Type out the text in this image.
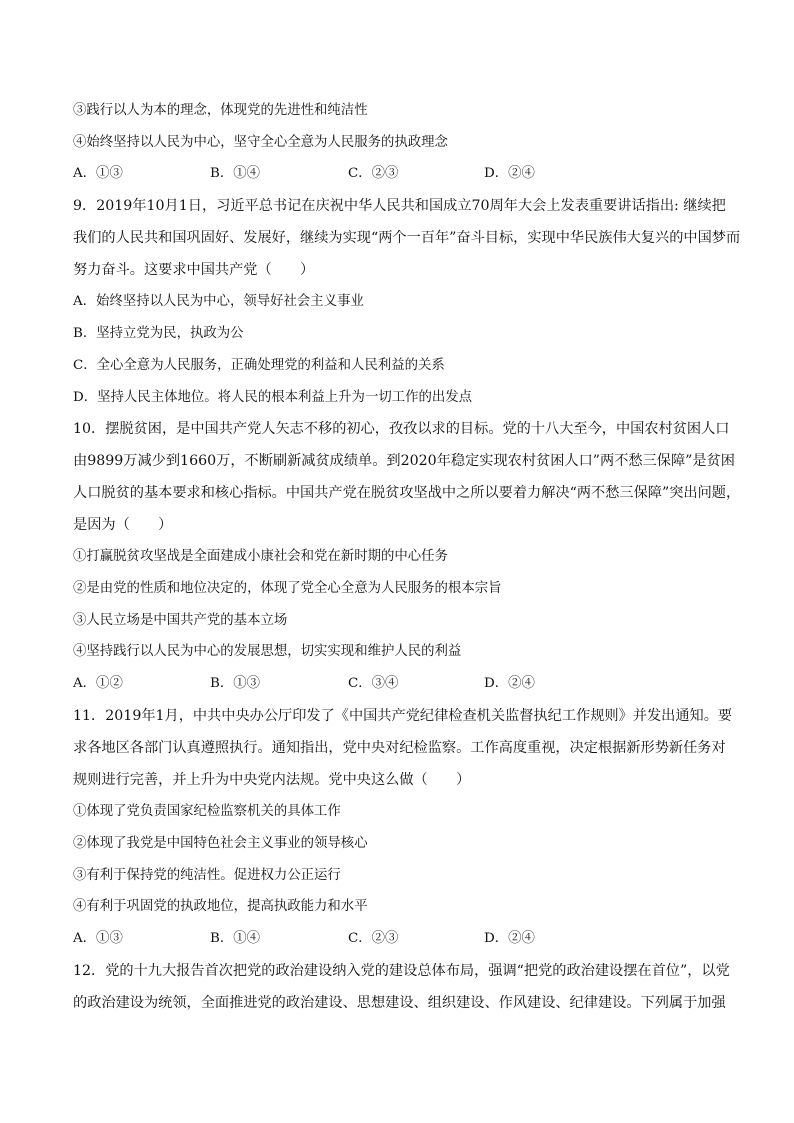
③践行以人为本的理念，体现党的先进性和纯洁性
④始终坚持以人民为中心，坚守全心全意为人民服务的执政理念
A．①③	B．①④	C．②③	D．②④
9．2019年10月1日，习近平总书记在庆祝中华人民共和国成立70周年大会上发表重要讲话指出: 继续把
我们的人民共和国巩固好、发展好，继续为实现“两个一百年”奋斗目标，实现中华民族伟大复兴的中国梦而
努力奋斗。这要求中国共产党（　　）
A．始终坚持以人民为中心，领导好社会主义事业
B．坚持立党为民，执政为公
C．全心全意为人民服务，正确处理党的利益和人民利益的关系
D．坚持人民主体地位。将人民的根本利益上升为一切工作的出发点
10．摆脱贫困，是中国共产党人矢志不移的初心，孜孜以求的目标。党的十八大至今，中国农村贫困人口
由9899万减少到1660万，不断刷新减贫成绩单。到2020年稳定实现农村贫困人口”两不愁三保障”是贫困
人口脱贫的基本要求和核心指标。中国共产党在脱贫攻坚战中之所以要着力解决“两不愁三保障”突出问题，
是因为（　　）
①打赢脱贫攻坚战是全面建成小康社会和党在新时期的中心任务
②是由党的性质和地位决定的，体现了党全心全意为人民服务的根本宗旨
③人民立场是中国共产党的基本立场
④坚持践行以人民为中心的发展思想，切实实现和维护人民的利益
A．①②	B．①③	C．③④	D．②④
11．2019年1月，中共中央办公厅印发了《中国共产党纪律检查机关监督执纪工作规则》并发出通知。要
求各地区各部门认真遵照执行。通知指出，党中央对纪检监察。工作高度重视，决定根据新形势新任务对
规则进行完善，并上升为中央党内法规。党中央这么做（　　）
①体现了党负责国家纪检监察机关的具体工作
②体现了我党是中国特色社会主义事业的领导核心
③有利于保持党的纯洁性。促进权力公正运行
④有利于巩固党的执政地位，提高执政能力和水平
A．①③	B．①④	C．②③	D．②④
12．党的十九大报告首次把党的政治建设纳入党的建设总体布局，强调“把党的政治建设摆在首位”，以党
的政治建设为统领，全面推进党的政治建设、思想建设、组织建设、作风建设、纪律建设。下列属于加强
